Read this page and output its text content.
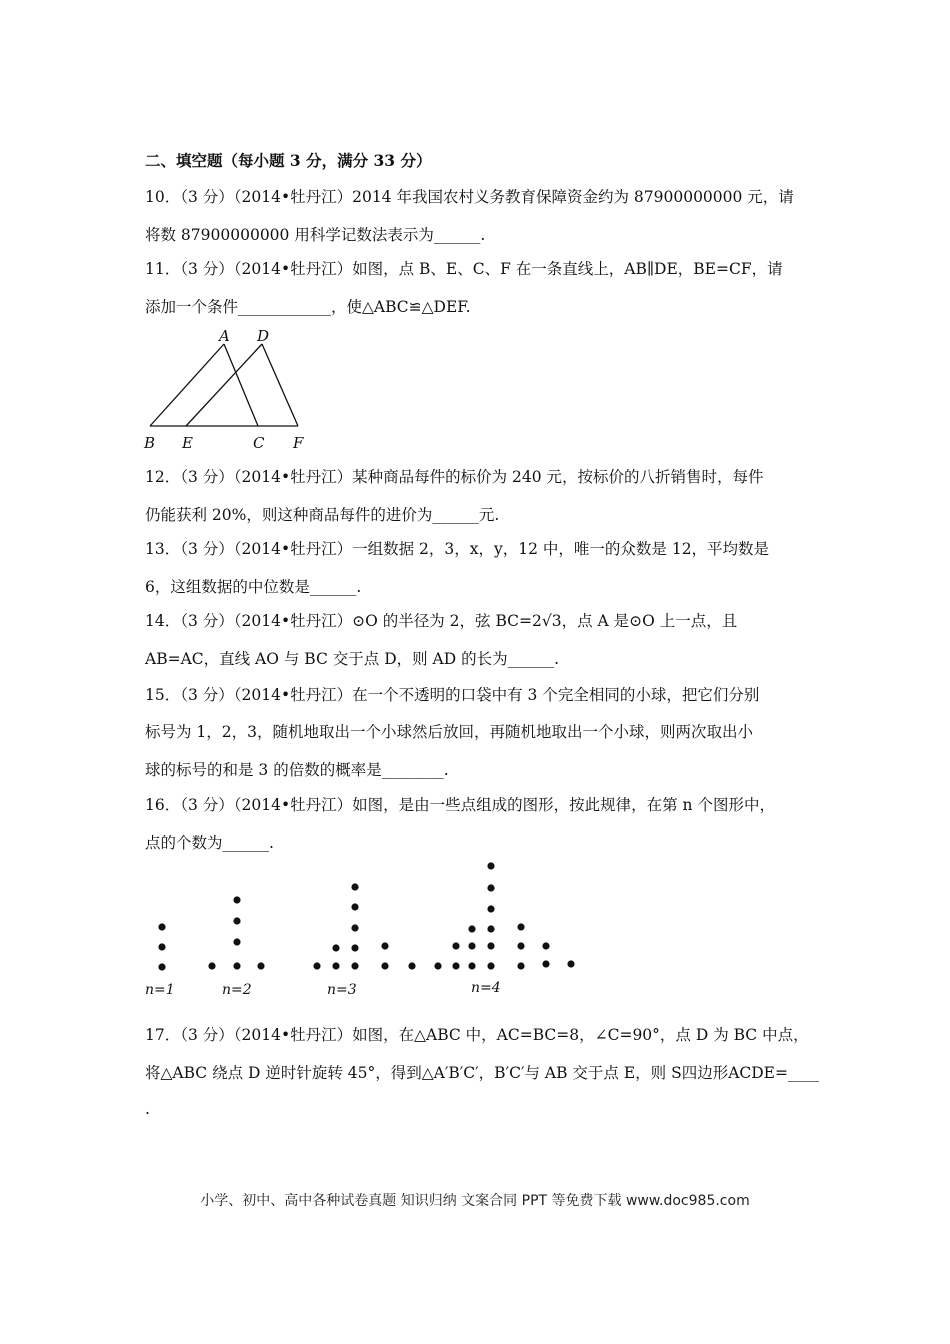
二、填空题（每小题 3 分，满分 33 分）
10．（3 分）（2014•牡丹江）2014 年我国农村义务教育保障资金约为 87900000000 元，请
将数 87900000000 用科学记数法表示为______.
11．（3 分）（2014•牡丹江）如图，点 B、E、C、F 在一条直线上，AB∥DE，BE=CF，请
添加一个条件____________，使△ABC≌△DEF.
A D
B E	C F
12．（3 分）（2014•牡丹江）某种商品每件的标价为 240 元，按标价的八折销售时，每件
仍能获利 20%，则这种商品每件的进价为______元.
13．（3 分）（2014•牡丹江）一组数据 2，3，x，y，12 中，唯一的众数是 12，平均数是
6，这组数据的中位数是______.
14．（3 分）（2014•牡丹江）⊙O 的半径为 2，弦 BC=2√3，点 A 是⊙O 上一点，且
AB=AC，直线 AO 与 BC 交于点 D，则 AD 的长为______.
15．（3 分）（2014•牡丹江）在一个不透明的口袋中有 3 个完全相同的小球，把它们分别
标号为 1，2，3，随机地取出一个小球然后放回，再随机地取出一个小球，则两次取出小
球的标号的和是 3 的倍数的概率是________.
16．（3 分）（2014•牡丹江）如图，是由一些点组成的图形，按此规律，在第 n 个图形中，
点的个数为______.
n=1	n=2	n=3	n=4
17．（3 分）（2014•牡丹江）如图，在△ABC 中，AC=BC=8，∠C=90°，点 D 为 BC 中点，
将△ABC 绕点 D 逆时针旋转 45°，得到△A′B′C′，B′C′与 AB 交于点 E，则 S四边形ACDE=____
.
小学、初中、高中各种试卷真题 知识归纳 文案合同 PPT 等免费下载 www.doc985.com
